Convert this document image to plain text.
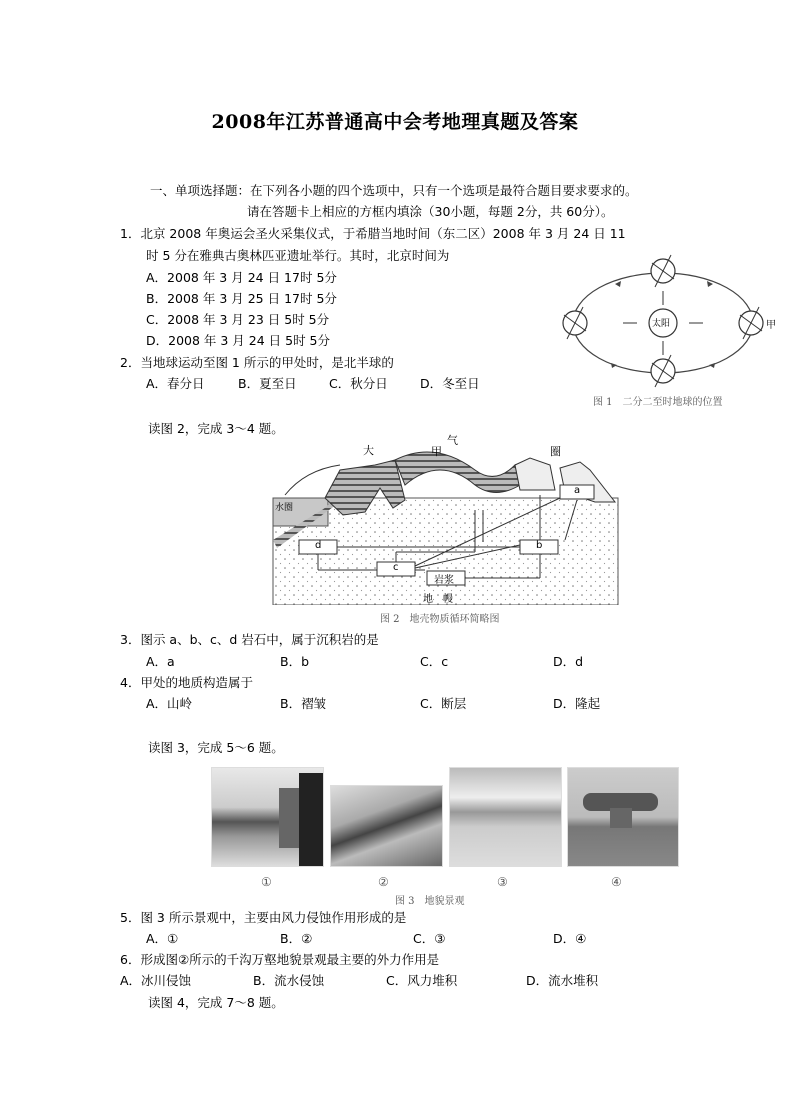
2008年江苏普通高中会考地理真题及答案
一、单项选择题：在下列各小题的四个选项中，只有一个选项是最符合题目要求要求的。
请在答题卡上相应的方框内填涂（30小题，每题 2分，共 60分）。
1．北京 2008 年奥运会圣火采集仪式，于希腊当地时间（东二区）2008 年 3 月 24 日 11
时 5 分在雅典古奥林匹亚遗址举行。其时，北京时间为
A．2008 年 3 月 24 日 17时 5分
B．2008 年 3 月 25 日 17时 5分
C．2008 年 3 月 23 日 5时 5分
D．2008 年 3 月 24 日 5时 5分
2．当地球运动至图 1 所示的甲处时，是北半球的
A．春分日	B．夏至日	C．秋分日	D．冬至日
太阳	甲
图 1　二分二至时地球的位置
读图 2，完成 3～4 题。
大
气
圈
甲
水圈
d
c
b
a
岩浆
地　幔
图 2　地壳物质循环简略图
3．图示 a、b、c、d 岩石中，属于沉积岩的是
A．a	B．b	C．c	D．d
4．甲处的地质构造属于
A．山岭	B．褶皱	C．断层	D．隆起
读图 3，完成 5～6 题。
①	②	③	④
图 3　地貌景观
5．图 3 所示景观中，主要由风力侵蚀作用形成的是
A．①	B．②	C．③	D．④
6．形成图②所示的千沟万壑地貌景观最主要的外力作用是
A．冰川侵蚀	B．流水侵蚀	C．风力堆积	D．流水堆积
读图 4，完成 7～8 题。
